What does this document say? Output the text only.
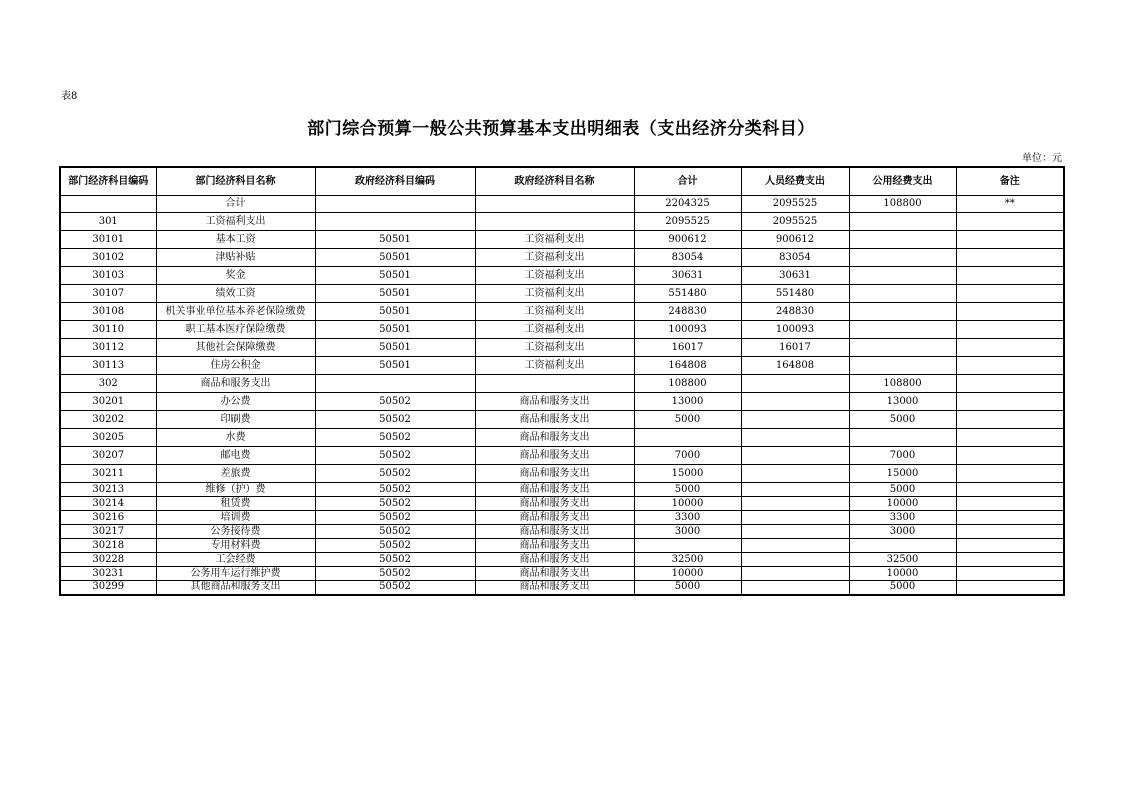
表8
部门综合预算一般公共预算基本支出明细表（支出经济分类科目）
单位：元
部门经济科目编码	部门经济科目名称	政府经济科目编码	政府经济科目名称	合计	人员经费支出	公用经费支出	备注
	合计			2204325	2095525	108800	**
301	工资福利支出			2095525	2095525		
30101	基本工资	50501	工资福利支出	900612	900612		
30102	津贴补贴	50501	工资福利支出	83054	83054		
30103	奖金	50501	工资福利支出	30631	30631		
30107	绩效工资	50501	工资福利支出	551480	551480		
30108	机关事业单位基本养老保险缴费	50501	工资福利支出	248830	248830		
30110	职工基本医疗保险缴费	50501	工资福利支出	100093	100093		
30112	其他社会保障缴费	50501	工资福利支出	16017	16017		
30113	住房公积金	50501	工资福利支出	164808	164808		
302	商品和服务支出			108800		108800	
30201	办公费	50502	商品和服务支出	13000		13000	
30202	印刷费	50502	商品和服务支出	5000		5000	
30205	水费	50502	商品和服务支出				
30207	邮电费	50502	商品和服务支出	7000		7000	
30211	差旅费	50502	商品和服务支出	15000		15000	
30213	维修（护）费	50502	商品和服务支出	5000		5000	
30214	租赁费	50502	商品和服务支出	10000		10000	
30216	培训费	50502	商品和服务支出	3300		3300	
30217	公务接待费	50502	商品和服务支出	3000		3000	
30218	专用材料费	50502	商品和服务支出				
30228	工会经费	50502	商品和服务支出	32500		32500	
30231	公务用车运行维护费	50502	商品和服务支出	10000		10000	
30299	其他商品和服务支出	50502	商品和服务支出	5000		5000	
